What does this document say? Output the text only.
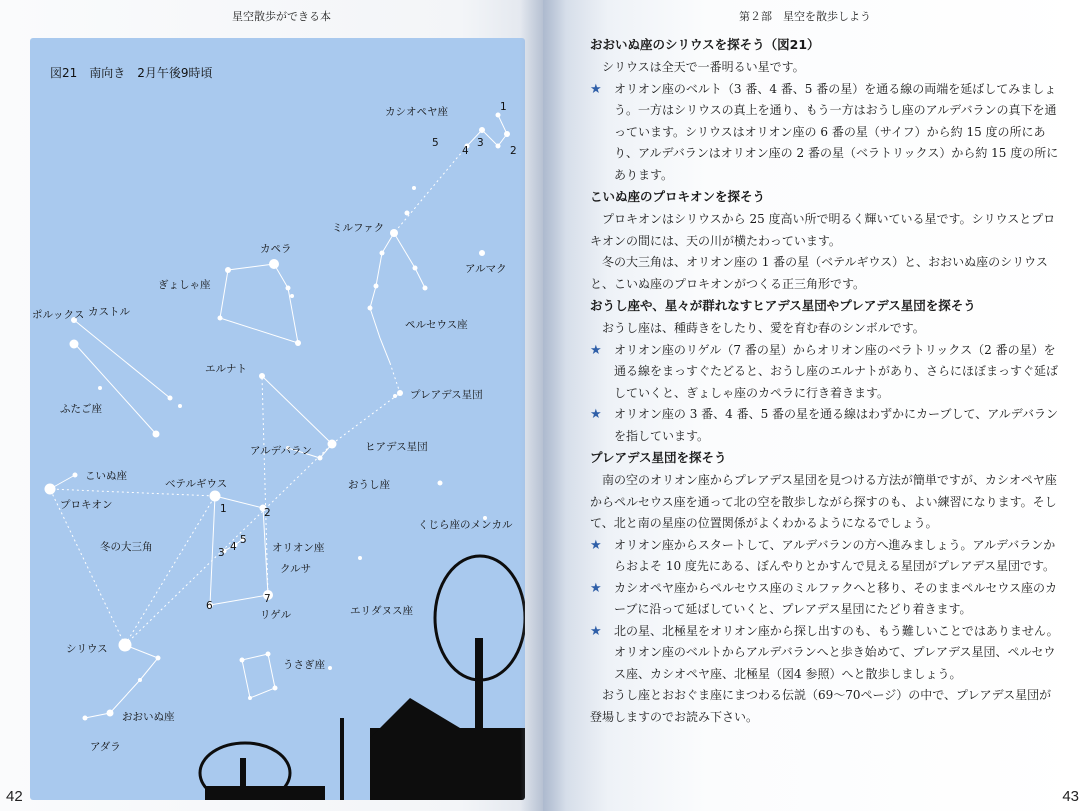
星空散歩ができる本
図21　南向き　2月午後9時頃
カシオペヤ座	1
2
3
4
5
ミルファク
アルマク
カペラ
ぎょしゃ座
ペルセウス座
ポルックス カストル
エルナト
プレアデス星団
ふたご座
アルデバラン	ヒアデス星団
こいぬ座
ベテルギウス	おうし座
プロキオン
くじら座のメンカル
冬の大三角	オリオン座
クルサ
リゲル	エリダヌス座
シリウス
うさぎ座
おおいぬ座
アダラ
1	2
3 4
5
6
7
42
第２部　星空を散歩しよう
43
おおいぬ座のシリウスを探そう（図21）

シリウスは全天で一番明るい星です。

★ オリオン座のベルト（3 番、4 番、5 番の星）を通る線の両端を延ばしてみましょう。一方はシリウスの真上を通り、もう一方はおうし座のアルデバランの真下を通っています。シリウスはオリオン座の 6 番の星（サイフ）から約 15 度の所にあり、アルデバランはオリオン座の 2 番の星（ベラトリックス）から約 15 度の所にあります。

こいぬ座のプロキオンを探そう

プロキオンはシリウスから 25 度高い所で明るく輝いている星です。シリウスとプロキオンの間には、天の川が横たわっています。

冬の大三角は、オリオン座の 1 番の星（ベテルギウス）と、おおいぬ座のシリウスと、こいぬ座のプロキオンがつくる正三角形です。

おうし座や、星々が群れなすヒアデス星団やプレアデス星団を探そう

おうし座は、種蒔きをしたり、愛を育む春のシンボルです。

★ オリオン座のリゲル（7 番の星）からオリオン座のベラトリックス（2 番の星）を通る線をまっすぐたどると、おうし座のエルナトがあり、さらにほぼまっすぐ延ばしていくと、ぎょしゃ座のカペラに行き着きます。

★ オリオン座の 3 番、4 番、5 番の星を通る線はわずかにカーブして、アルデバランを指しています。

プレアデス星団を探そう

南の空のオリオン座からプレアデス星団を見つける方法が簡単ですが、カシオペヤ座からペルセウス座を通って北の空を散歩しながら探すのも、よい練習になります。そして、北と南の星座の位置関係がよくわかるようになるでしょう。

★ オリオン座からスタートして、アルデバランの方へ進みましょう。アルデバランからおよそ 10 度先にある、ぼんやりとかすんで見える星団がプレアデス星団です。

★ カシオペヤ座からペルセウス座のミルファクへと移り、そのままペルセウス座のカーブに沿って延ばしていくと、プレアデス星団にたどり着きます。

★ 北の星、北極星をオリオン座から探し出すのも、もう難しいことではありません。オリオン座のベルトからアルデバランへと歩き始めて、プレアデス星団、ペルセウス座、カシオペヤ座、北極星（図4 参照）へと散歩しましょう。

おうし座とおおぐま座にまつわる伝説（69〜70ページ）の中で、プレアデス星団が登場しますのでお読み下さい。
